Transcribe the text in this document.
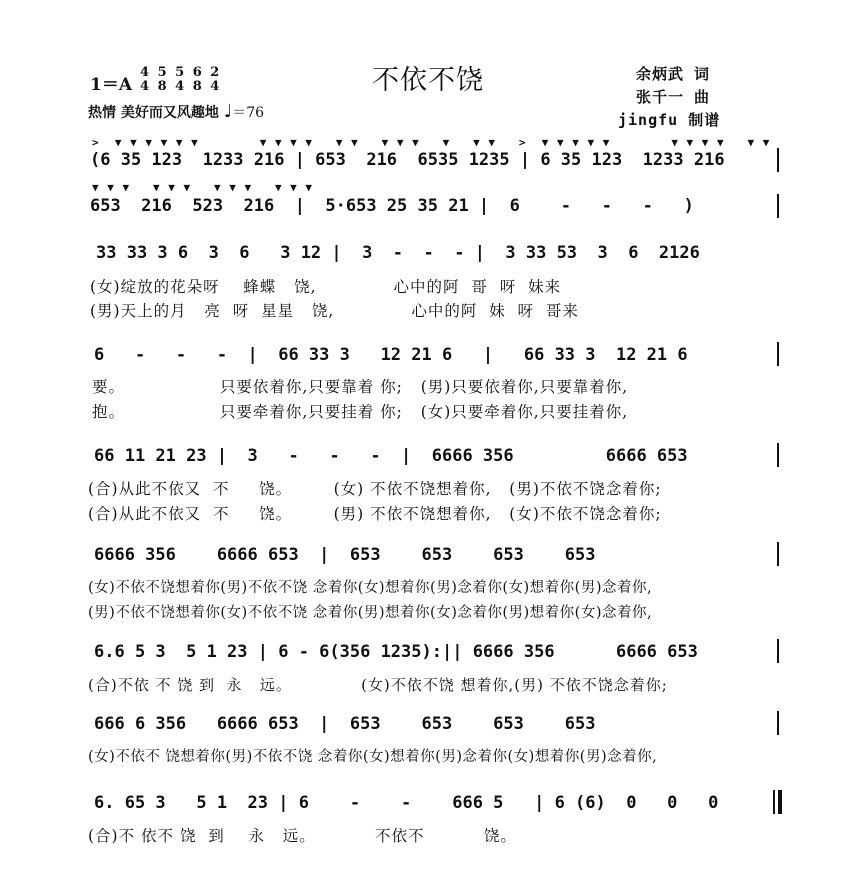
不依不饶
1＝A
4 5 5 6 2
4 8 4 8 4
热情 美好而又风趣地 ♩＝76
余炳武 词
张千一 曲
jingfu 制谱
>  ▼ ▼ ▼ ▼ ▼ ▼        ▼ ▼ ▼ ▼   ▼ ▼   ▼ ▼ ▼   ▼   ▼ ▼   >  ▼ ▼ ▼ ▼ ▼        ▼ ▼ ▼ ▼   ▼ ▼
(6 35 123  1233 216 | 653  216  6535 1235 | 6 35 123  1233 216
▼ ▼ ▼   ▼ ▼ ▼   ▼ ▼ ▼   ▼ ▼ ▼
653  216  523  216  |  5·653 25 35 21 |  6    -   -   -   )
33 33 3 6  3  6   3 12 |  3  -  -  - |  3 33 53  3  6  2126
(女)绽放的花朵呀    蜂蝶   饶,             心中的阿  哥  呀  妹来
(男)天上的月   亮  呀  星星   饶,             心中的阿  妹  呀  哥来
6   -   -   -  |  66 33 3   12 21 6   |   66 33 3  12 21 6
要。                只要依着你,只要靠着 你;   (男)只要依着你,只要靠着你,
抱。                只要牵着你,只要挂着 你;   (女)只要牵着你,只要挂着你,
66 11 21 23 |  3   -   -   -  |  6666 356         6666 653
(合)从此不依又  不     饶。       (女) 不依不饶想着你,   (男)不依不饶念着你;
(合)从此不依又  不     饶。       (男) 不依不饶想着你,   (女)不依不饶念着你;
6666 356    6666 653  |  653    653    653    653
(女)不依不饶想着你(男)不依不饶 念着你(女)想着你(男)念着你(女)想着你(男)念着你,
(男)不依不饶想着你(女)不依不饶 念着你(男)想着你(女)念着你(男)想着你(女)念着你,
6.6 5 3  5 1 23 | 6 - 6(356 1235):|| 6666 356      6666 653
(合)不依 不 饶 到  永   远。            (女)不依不饶 想着你,(男) 不依不饶念着你;
666 6 356   6666 653  |  653    653    653    653
(女)不依不 饶想着你(男)不依不饶 念着你(女)想着你(男)念着你(女)想着你(男)念着你,
6. 65 3   5 1  23 | 6    -    -    666 5   | 6 (6)  0   0   0
(合)不 依不 饶  到    永   远。          不依不          饶。
